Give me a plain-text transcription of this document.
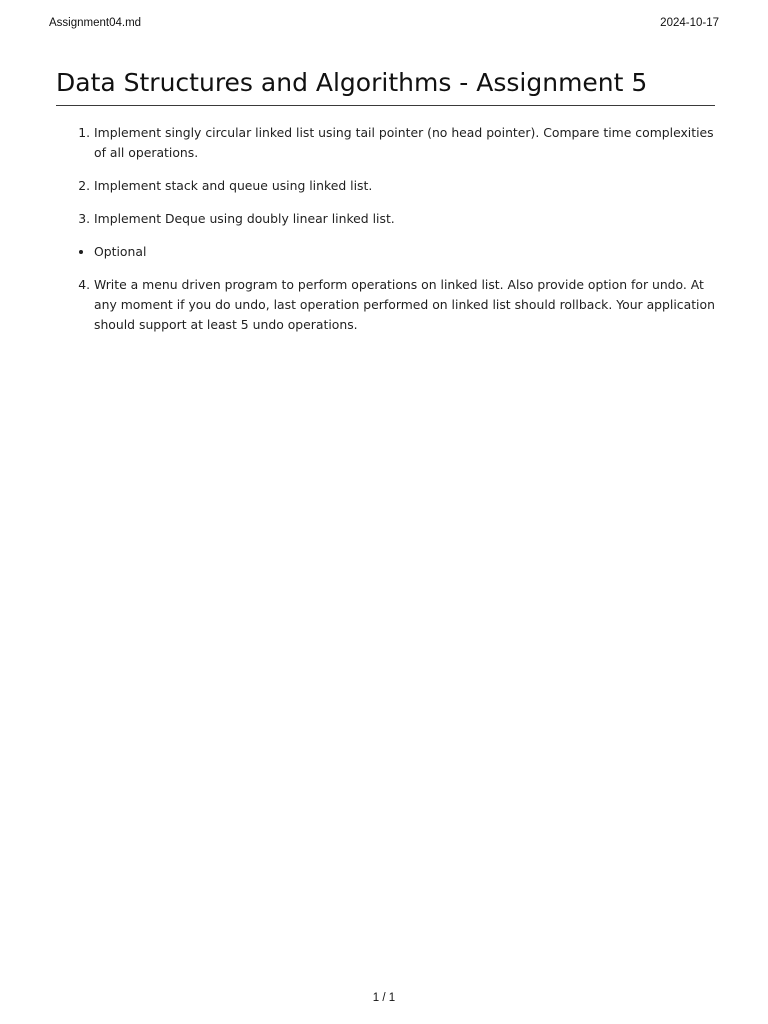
Assignment04.md	2024-10-17
Data Structures and Algorithms - Assignment 5
1. Implement singly circular linked list using tail pointer (no head pointer). Compare time complexities of all operations.
2. Implement stack and queue using linked list.
3. Implement Deque using doubly linear linked list.
• Optional
4. Write a menu driven program to perform operations on linked list. Also provide option for undo. At any moment if you do undo, last operation performed on linked list should rollback. Your application should support at least 5 undo operations.
1 / 1
